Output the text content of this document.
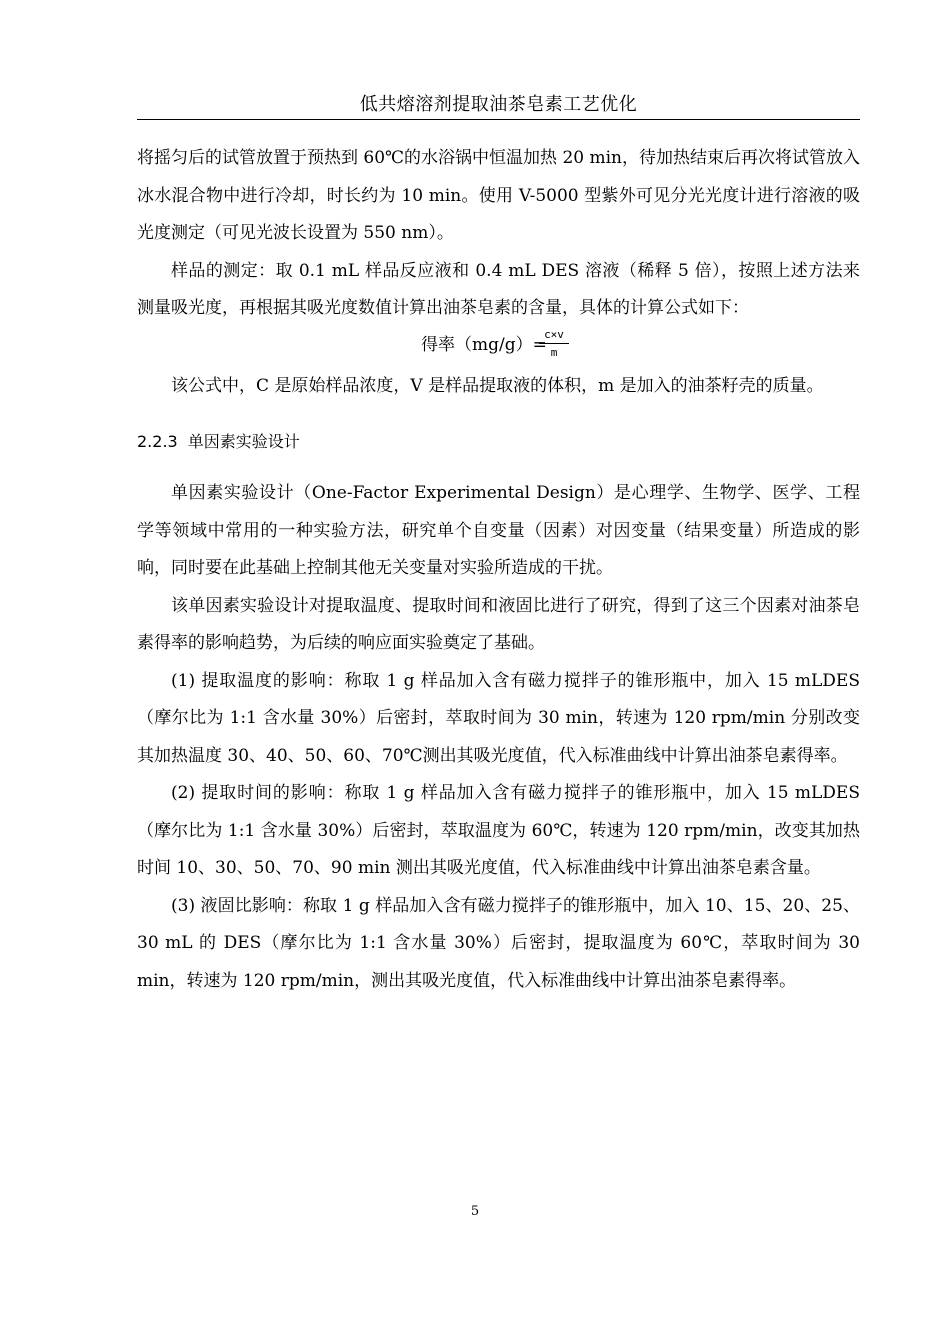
低共熔溶剂提取油茶皂素工艺优化

将摇匀后的试管放置于预热到 60℃的水浴锅中恒温加热 20 min，待加热结束后再次将试管放入冰水混合物中进行冷却，时长约为 10 min。使用 V-5000 型紫外可见分光光度计进行溶液的吸光度测定（可见光波长设置为 550 nm）。

样品的测定：取 0.1 mL 样品反应液和 0.4 mL DES 溶液（稀释 5 倍），按照上述方法来测量吸光度，再根据其吸光度数值计算出油茶皂素的含量，具体的计算公式如下：

得率（mg/g）=
$\frac{c\times v}{m}$

该公式中，C 是原始样品浓度，V 是样品提取液的体积，m 是加入的油茶籽壳的质量。

2.2.3 单因素实验设计

单因素实验设计（One-Factor Experimental Design）是心理学、生物学、医学、工程学等领域中常用的一种实验方法，研究单个自变量（因素）对因变量（结果变量）所造成的影响，同时要在此基础上控制其他无关变量对实验所造成的干扰。

该单因素实验设计对提取温度、提取时间和液固比进行了研究，得到了这三个因素对油茶皂素得率的影响趋势，为后续的响应面实验奠定了基础。

(1) 提取温度的影响：称取 1 g 样品加入含有磁力搅拌子的锥形瓶中，加入 15 mLDES（摩尔比为 1:1 含水量 30%）后密封，萃取时间为 30 min，转速为 120 rpm/min 分别改变其加热温度 30、40、50、60、70℃测出其吸光度值，代入标准曲线中计算出油茶皂素得率。

(2) 提取时间的影响：称取 1 g 样品加入含有磁力搅拌子的锥形瓶中，加入 15 mLDES（摩尔比为 1:1 含水量 30%）后密封，萃取温度为 60℃，转速为 120 rpm/min，改变其加热时间 10、30、50、70、90 min 测出其吸光度值，代入标准曲线中计算出油茶皂素含量。

(3) 液固比影响：称取 1 g 样品加入含有磁力搅拌子的锥形瓶中，加入 10、15、20、25、30 mL 的 DES（摩尔比为 1:1 含水量 30%）后密封，提取温度为 60℃，萃取时间为 30 min，转速为 120 rpm/min，测出其吸光度值，代入标准曲线中计算出油茶皂素得率。

5
